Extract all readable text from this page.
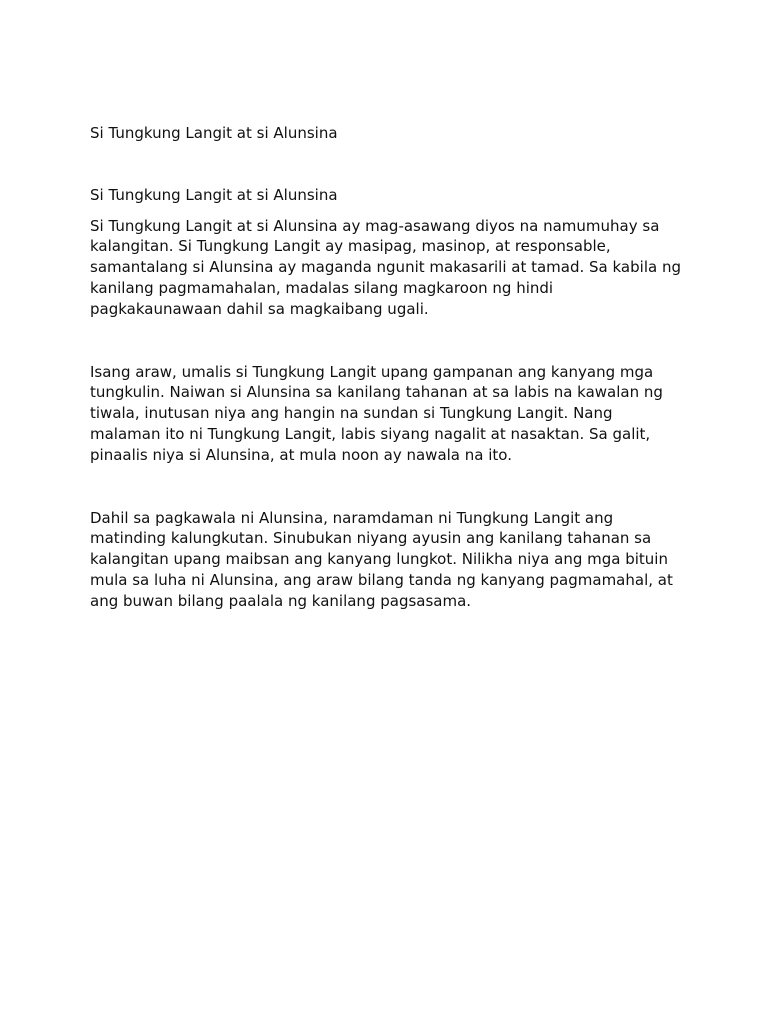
Si Tungkung Langit at si Alunsina
Si Tungkung Langit at si Alunsina

Si Tungkung Langit at si Alunsina ay mag-asawang diyos na namumuhay sa kalangitan. Si Tungkung Langit ay masipag, masinop, at responsable, samantalang si Alunsina ay maganda ngunit makasarili at tamad. Sa kabila ng kanilang pagmamahalan, madalas silang magkaroon ng hindi pagkakaunawaan dahil sa magkaibang ugali.

Isang araw, umalis si Tungkung Langit upang gampanan ang kanyang mga tungkulin. Naiwan si Alunsina sa kanilang tahanan at sa labis na kawalan ng tiwala, inutusan niya ang hangin na sundan si Tungkung Langit. Nang malaman ito ni Tungkung Langit, labis siyang nagalit at nasaktan. Sa galit, pinaalis niya si Alunsina, at mula noon ay nawala na ito.

Dahil sa pagkawala ni Alunsina, naramdaman ni Tungkung Langit ang matinding kalungkutan. Sinubukan niyang ayusin ang kanilang tahanan sa kalangitan upang maibsan ang kanyang lungkot. Nilikha niya ang mga bituin mula sa luha ni Alunsina, ang araw bilang tanda ng kanyang pagmamahal, at ang buwan bilang paalala ng kanilang pagsasama.
